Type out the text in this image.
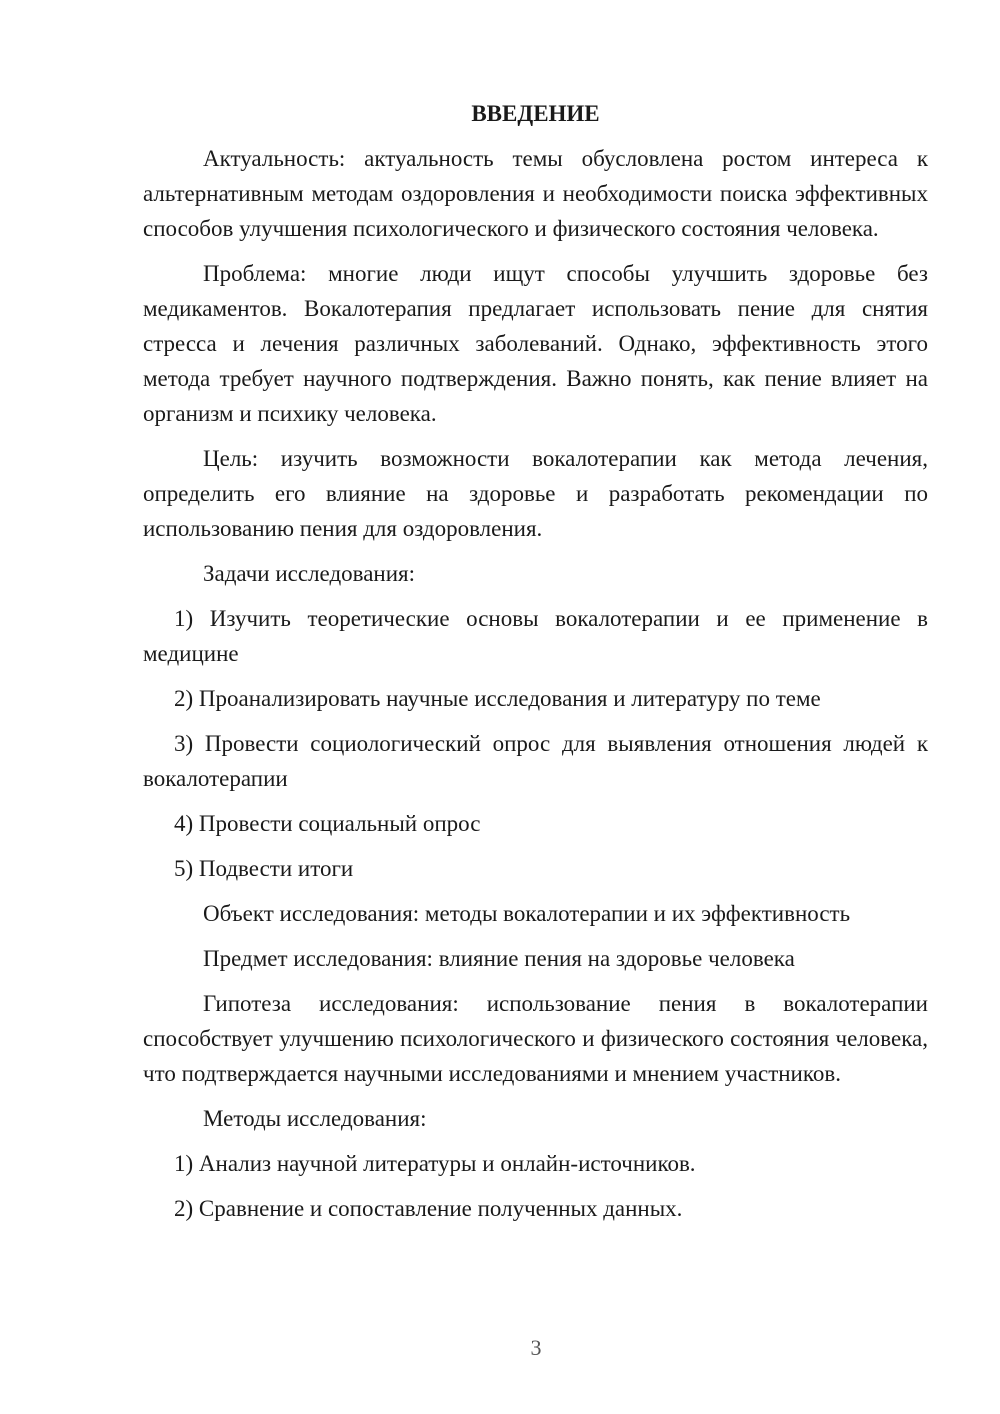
ВВЕДЕНИЕ

Актуальность: актуальность темы обусловлена ростом интереса к альтернативным методам оздоровления и необходимости поиска эффективных способов улучшения психологического и физического состояния человека.

Проблема: многие люди ищут способы улучшить здоровье без медикаментов. Вокалотерапия предлагает использовать пение для снятия стресса и лечения различных заболеваний. Однако, эффективность этого метода требует научного подтверждения. Важно понять, как пение влияет на организм и психику человека.

Цель: изучить возможности вокалотерапии как метода лечения, определить его влияние на здоровье и разработать рекомендации по использованию пения для оздоровления.

Задачи исследования:

1) Изучить теоретические основы вокалотерапии и ее применение в медицине

2) Проанализировать научные исследования и литературу по теме

3) Провести социологический опрос для выявления отношения людей к вокалотерапии

4) Провести социальный опрос

5) Подвести итоги

Объект исследования: методы вокалотерапии и их эффективность

Предмет исследования: влияние пения на здоровье человека

Гипотеза исследования: использование пения в вокалотерапии способствует улучшению психологического и физического состояния человека, что подтверждается научными исследованиями и мнением участников.

Методы исследования:

1) Анализ научной литературы и онлайн-источников.

2) Сравнение и сопоставление полученных данных.

3
